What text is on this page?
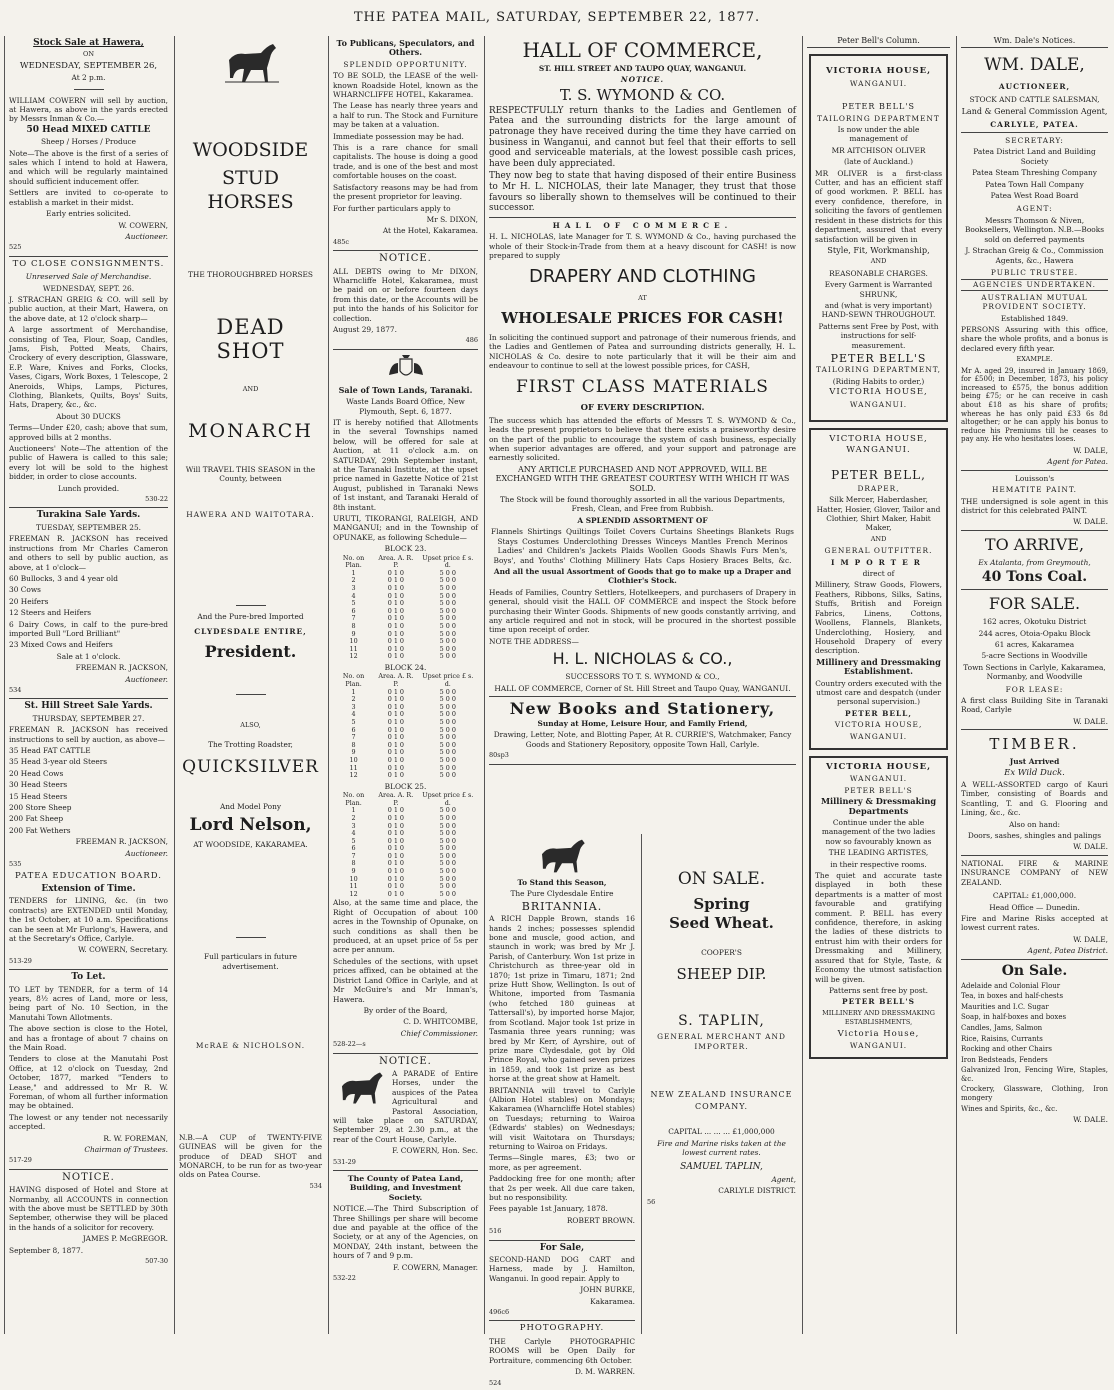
THE PATEA MAIL, SATURDAY, SEPTEMBER 22, 1877.
Stock Sale at Hawera,

ON

WEDNESDAY, SEPTEMBER 26,

At 2 p.m.

WILLIAM COWERN will sell by auction, at Hawera, as above in the yards erected by Messrs Inman & Co.—

50 Head MIXED CATTLE

Sheep / Horses / Produce

Note—The above is the first of a series of sales which I intend to hold at Hawera, and which will be regularly maintained should sufficient inducement offer.

Settlers are invited to co-operate to establish a market in their midst.

Early entries solicited.

W. COWERN,

Auctioneer.

525

TO CLOSE CONSIGNMENTS.

Unreserved Sale of Merchandise.

WEDNESDAY, SEPT. 26.

J. STRACHAN GREIG & CO. will sell by public auction, at their Mart, Hawera, on the above date, at 12 o'clock sharp—

A large assortment of Merchandise, consisting of Tea, Flour, Soap, Candles, Jams, Fish, Potted Meats, Chairs, Crockery of every description, Glassware, E.P. Ware, Knives and Forks, Clocks, Vases, Cigars, Work Boxes, 1 Telescope, 2 Aneroids, Whips, Lamps, Pictures, Clothing, Blankets, Quilts, Boys' Suits, Hats, Drapery, &c., &c.

About 30 DUCKS

Terms—Under £20, cash; above that sum, approved bills at 2 months.

Auctioneers' Note—The attention of the public of Hawera is called to this sale; every lot will be sold to the highest bidder, in order to close accounts.

Lunch provided.

530-22

Turakina Sale Yards.

TUESDAY, SEPTEMBER 25.

FREEMAN R. JACKSON has received instructions from Mr Charles Cameron and others to sell by public auction, as above, at 1 o'clock—

60 Bullocks, 3 and 4 year old

30 Cows

20 Heifers

12 Steers and Heifers

6 Dairy Cows, in calf to the pure-bred imported Bull "Lord Brilliant"

23 Mixed Cows and Heifers

Sale at 1 o'clock.

FREEMAN R. JACKSON,

Auctioneer.

534

St. Hill Street Sale Yards.

THURSDAY, SEPTEMBER 27.

FREEMAN R. JACKSON has received instructions to sell by auction, as above—

35 Head FAT CATTLE

35 Head 3-year old Steers

20 Head Cows

30 Head Steers

15 Head Steers

200 Store Sheep

200 Fat Sheep

200 Fat Wethers

FREEMAN R. JACKSON,

Auctioneer.

535

PATEA EDUCATION BOARD.
Extension of Time.

TENDERS for LINING, &c. (in two contracts) are EXTENDED until Monday, the 1st October, at 10 a.m. Specifications can be seen at Mr Furlong's, Hawera, and at the Secretary's Office, Carlyle.

W. COWERN, Secretary.

513-29

To Let.

TO LET by TENDER, for a term of 14 years, 8½ acres of Land, more or less, being part of No. 10 Section, in the Manutahi Town Allotments.

The above section is close to the Hotel, and has a frontage of about 7 chains on the Main Road.

Tenders to close at the Manutahi Post Office, at 12 o'clock on Tuesday, 2nd October, 1877, marked "Tenders to Lease," and addressed to Mr R. W. Foreman, of whom all further information may be obtained.

The lowest or any tender not necessarily accepted.

R. W. FOREMAN,

Chairman of Trustees.

517-29

NOTICE.

HAVING disposed of Hotel and Store at Normanby, all ACCOUNTS in connection with the above must be SETTLED by 30th September, otherwise they will be placed in the hands of a solicitor for recovery.

JAMES P. McGREGOR.

September 8, 1877.

507-30

WOODSIDE
STUD HORSES

THE THOROUGHBRED HORSES

DEAD SHOT

AND

MONARCH

Will TRAVEL THIS SEASON in the County, between

HAWERA AND WAITOTARA.

And the Pure-bred Imported

CLYDESDALE ENTIRE,

President.

ALSO,

The Trotting Roadster,

QUICKSILVER

And Model Pony

Lord Nelson,

AT WOODSIDE, KAKARAMEA.

Full particulars in future advertisement.

McRAE & NICHOLSON.

N.B.—A CUP of TWENTY-FIVE GUINEAS will be given for the produce of DEAD SHOT and MONARCH, to be run for as two-year olds on Patea Course.

534

To Publicans, Speculators, and Others.

SPLENDID OPPORTUNITY.

TO BE SOLD, the LEASE of the well-known Roadside Hotel, known as the WHARNCLIFFE HOTEL, Kakaramea.

The Lease has nearly three years and a half to run. The Stock and Furniture may be taken at a valuation.

Immediate possession may be had.

This is a rare chance for small capitalists. The house is doing a good trade, and is one of the best and most comfortable houses on the coast.

Satisfactory reasons may be had from the present proprietor for leaving.

For further particulars apply to

Mr S. DIXON,

At the Hotel, Kakaramea.

485c

NOTICE.

ALL DEBTS owing to Mr DIXON, Wharncliffe Hotel, Kakaramea, must be paid on or before fourteen days from this date, or the Accounts will be put into the hands of his Solicitor for collection.

August 29, 1877.

486

Sale of Town Lands, Taranaki.

Waste Lands Board Office, New Plymouth, Sept. 6, 1877.

IT is hereby notified that Allotments in the several Townships named below, will be offered for sale at Auction, at 11 o'clock a.m. on SATURDAY, 29th September instant, at the Taranaki Institute, at the upset price named in Gazette Notice of 21st August, published in Taranaki News of 1st instant, and Taranaki Herald of 8th instant.

URUTI, TIKORANGI, RALEIGH, AND MANGANUI; and in the Township of OPUNAKE, as following Schedule—

BLOCK 23.

No. on Plan.	Area. A. R. P.	Upset price £ s. d.
1	0 1 0	5 0 0
2	0 1 0	5 0 0
3	0 1 0	5 0 0
4	0 1 0	5 0 0
5	0 1 0	5 0 0
6	0 1 0	5 0 0
7	0 1 0	5 0 0
8	0 1 0	5 0 0
9	0 1 0	5 0 0
10	0 1 0	5 0 0
11	0 1 0	5 0 0
12	0 1 0	5 0 0

BLOCK 24.

No. on Plan.	Area. A. R. P.	Upset price £ s. d.
1	0 1 0	5 0 0
2	0 1 0	5 0 0
3	0 1 0	5 0 0
4	0 1 0	5 0 0
5	0 1 0	5 0 0
6	0 1 0	5 0 0
7	0 1 0	5 0 0
8	0 1 0	5 0 0
9	0 1 0	5 0 0
10	0 1 0	5 0 0
11	0 1 0	5 0 0
12	0 1 0	5 0 0

BLOCK 25.

No. on Plan.	Area. A. R. P.	Upset price £ s. d.
1	0 1 0	5 0 0
2	0 1 0	5 0 0
3	0 1 0	5 0 0
4	0 1 0	5 0 0
5	0 1 0	5 0 0
6	0 1 0	5 0 0
7	0 1 0	5 0 0
8	0 1 0	5 0 0
9	0 1 0	5 0 0
10	0 1 0	5 0 0
11	0 1 0	5 0 0
12	0 1 0	5 0 0

Also, at the same time and place, the Right of Occupation of about 100 acres in the Township of Opunake, on such conditions as shall then be produced, at an upset price of 5s per acre per annum.

Schedules of the sections, with upset prices affixed, can be obtained at the District Land Office in Carlyle, and at Mr McGuire's and Mr Inman's, Hawera.

By order of the Board,

C. D. WHITCOMBE,

Chief Commissioner.

528-22—s

NOTICE.

A PARADE of Entire Horses, under the auspices of the Patea Agricultural and Pastoral Association, will take place on SATURDAY, September 29, at 2.30 p.m., at the rear of the Court House, Carlyle.

F. COWERN, Hon. Sec.

531-29

The County of Patea Land, Building, and Investment Society.

NOTICE.—The Third Subscription of Three Shillings per share will become due and payable at the office of the Society, or at any of the Agencies, on MONDAY, 24th instant, between the hours of 7 and 9 p.m.

F. COWERN, Manager.

532-22

HALL OF COMMERCE,

ST. HILL STREET AND TAUPO QUAY, WANGANUI.

NOTICE.

T. S. WYMOND & CO.

RESPECTFULLY return thanks to the Ladies and Gentlemen of Patea and the surrounding districts for the large amount of patronage they have received during the time they have carried on business in Wanganui, and cannot but feel that their efforts to sell good and serviceable materials, at the lowest possible cash prices, have been duly appreciated.

They now beg to state that having disposed of their entire Business to Mr H. L. NICHOLAS, their late Manager, they trust that those favours so liberally shown to themselves will be continued to their successor.

HALL OF COMMERCE.

H. L. NICHOLAS, late Manager for T. S. WYMOND & Co., having purchased the whole of their Stock-in-Trade from them at a heavy discount for CASH! is now prepared to supply

DRAPERY AND CLOTHING

AT

WHOLESALE PRICES FOR CASH!

In soliciting the continued support and patronage of their numerous friends, and the Ladies and Gentlemen of Patea and surrounding districts generally, H. L. NICHOLAS & Co. desire to note particularly that it will be their aim and endeavour to continue to sell at the lowest possible prices, for CASH,

FIRST CLASS MATERIALS

OF EVERY DESCRIPTION.

The success which has attended the efforts of Messrs T. S. WYMOND & Co., leads the present proprietors to believe that there exists a praiseworthy desire on the part of the public to encourage the system of cash business, especially when superior advantages are offered, and your support and patronage are earnestly solicited.

ANY ARTICLE PURCHASED AND NOT APPROVED, WILL BE EXCHANGED WITH THE GREATEST COURTESY WITH WHICH IT WAS SOLD.

The Stock will be found thoroughly assorted in all the various Departments, Fresh, Clean, and Free from Rubbish.

A SPLENDID ASSORTMENT OF

Flannels Shirtings Quiltings Toilet Covers Curtains Sheetings Blankets Rugs Stays Costumes Underclothing Dresses Winceys Mantles French Merinos Ladies' and Children's Jackets Plaids Woollen Goods Shawls Furs Men's, Boys', and Youths' Clothing Millinery Hats Caps Hosiery Braces Belts, &c.

And all the usual Assortment of Goods that go to make up a Draper and Clothier's Stock.

Heads of Families, Country Settlers, Hotelkeepers, and purchasers of Drapery in general, should visit the HALL OF COMMERCE and inspect the Stock before purchasing their Winter Goods. Shipments of new goods constantly arriving, and any article required and not in stock, will be procured in the shortest possible time upon receipt of order.

NOTE THE ADDRESS—

H. L. NICHOLAS & CO.,

SUCCESSORS TO T. S. WYMOND & CO.,

HALL OF COMMERCE, Corner of St. Hill Street and Taupo Quay, WANGANUI.

New Books and Stationery,

Sunday at Home, Leisure Hour, and Family Friend,

Drawing, Letter, Note, and Blotting Paper, At R. CURRIE'S, Watchmaker, Fancy Goods and Stationery Repository, opposite Town Hall, Carlyle.

80sp3

To Stand this Season,

The Pure Clydesdale Entire

BRITANNIA.

A RICH Dapple Brown, stands 16 hands 2 inches; possesses splendid bone and muscle, good action, and staunch in work; was bred by Mr J. Parish, of Canterbury. Won 1st prize in Christchurch as three-year old in 1870; 1st prize in Timaru, 1871; 2nd prize Hutt Show, Wellington. Is out of Whitone, imported from Tasmania (who fetched 180 guineas at Tattersall's), by imported horse Major, from Scotland. Major took 1st prize in Tasmania three years running; was bred by Mr Kerr, of Ayrshire, out of prize mare Clydesdale, got by Old Prince Royal, who gained seven prizes in 1859, and took 1st prize as best horse at the great show at Hamelt.

BRITANNIA will travel to Carlyle (Albion Hotel stables) on Mondays; Kakaramea (Wharncliffe Hotel stables) on Tuesdays; returning to Wairoa (Edwards' stables) on Wednesdays; will visit Waitotara on Thursdays; returning to Wairoa on Fridays.

Terms—Single mares, £3; two or more, as per agreement.

Paddocking free for one month; after that 2s per week. All due care taken, but no responsibility.

Fees payable 1st January, 1878.

ROBERT BROWN.

516

For Sale,

SECOND-HAND DOG CART and Harness, made by J. Hamilton, Wanganui. In good repair. Apply to

JOHN BURKE,

Kakaramea.

496c6

PHOTOGRAPHY.

THE Carlyle PHOTOGRAPHIC ROOMS will be Open Daily for Portraiture, commencing 6th October.

D. M. WARREN.

524

ON SALE.
Spring
Seed Wheat.

COOPER'S

SHEEP DIP.
S. TAPLIN,

GENERAL MERCHANT AND IMPORTER.

NEW ZEALAND INSURANCE COMPANY.

CAPITAL ... ... ... £1,000,000

Fire and Marine risks taken at the lowest current rates.

SAMUEL TAPLIN,

Agent,

CARLYLE DISTRICT.

56

Peter Bell's Column.

VICTORIA HOUSE,

WANGANUI.

PETER BELL'S

TAILORING DEPARTMENT

Is now under the able management of

MR AITCHISON OLIVER

(late of Auckland.)

MR OLIVER is a first-class Cutter, and has an efficient staff of good workmen. P. BELL has every confidence, therefore, in soliciting the favors of gentlemen resident in these districts for this department, assured that every satisfaction will be given in

Style, Fit, Workmanship,

AND

REASONABLE CHARGES.

Every Garment is Warranted SHRUNK,

and (what is very important) HAND-SEWN THROUGHOUT.

Patterns sent Free by Post, with instructions for self-measurement.

PETER BELL'S

TAILORING DEPARTMENT,

(Riding Habits to order,)

VICTORIA HOUSE,

WANGANUI.

VICTORIA HOUSE,

WANGANUI.

PETER BELL,

DRAPER,

Silk Mercer, Haberdasher, Hatter, Hosier, Glover, Tailor and Clothier, Shirt Maker, Habit Maker,

AND

GENERAL OUTFITTER.

IMPORTER

direct of

Millinery, Straw Goods, Flowers, Feathers, Ribbons, Silks, Satins, Stuffs, British and Foreign Fabrics, Linens, Cottons, Woollens, Flannels, Blankets, Underclothing, Hosiery, and Household Drapery of every description.

Millinery and Dressmaking Establishment.

Country orders executed with the utmost care and despatch (under personal supervision.)

PETER BELL,

VICTORIA HOUSE,

WANGANUI.

VICTORIA HOUSE,

WANGANUI.

PETER BELL'S

Millinery & Dressmaking Departments

Continue under the able management of the two ladies now so favourably known as

THE LEADING ARTISTES,

in their respective rooms.

The quiet and accurate taste displayed in both these departments is a matter of most favourable and gratifying comment. P. BELL has every confidence, therefore, in asking the ladies of these districts to entrust him with their orders for Dressmaking and Millinery, assured that for Style, Taste, & Economy the utmost satisfaction will be given.

Patterns sent free by post.

PETER BELL'S

MILLINERY AND DRESSMAKING ESTABLISHMENTS,

Victoria House,

WANGANUI.

Wm. Dale's Notices.

WM. DALE,

AUCTIONEER,

STOCK AND CATTLE SALESMAN,

Land & General Commission Agent,

CARLYLE, PATEA.

SECRETARY:

Patea District Land and Building Society

Patea Steam Threshing Company

Patea Town Hall Company

Patea West Road Board

AGENT:

Messrs Thomson & Niven, Booksellers, Wellington. N.B.—Books sold on deferred payments

J. Strachan Greig & Co., Commission Agents, &c., Hawera

PUBLIC TRUSTEE.

AGENCIES UNDERTAKEN.

AUSTRALIAN MUTUAL PROVIDENT SOCIETY.

Established 1849.

PERSONS Assuring with this office, share the whole profits, and a bonus is declared every fifth year.

EXAMPLE.

Mr A. aged 29, insured in January 1869, for £500; in December, 1873, his policy increased to £575, the bonus addition being £75; or he can receive in cash about £18 as his share of profits; whereas he has only paid £33 6s 8d altogether; or he can apply his bonus to reduce his Premiums till he ceases to pay any. He who hesitates loses.

W. DALE,

Agent for Patea.

Louisson's

HEMATITE PAINT.

THE undersigned is sole agent in this district for this celebrated PAINT.

W. DALE.

TO ARRIVE,

Ex Atalanta, from Greymouth,

40 Tons Coal.
FOR SALE.

162 acres, Okotuku District

244 acres, Otoia-Opaku Block

61 acres, Kakaramea

5-acre Sections in Woodville

Town Sections in Carlyle, Kakaramea, Normanby, and Woodville

FOR LEASE:

A first class Building Site in Taranaki Road, Carlyle

W. DALE.

TIMBER.

Just Arrived

Ex Wild Duck.

A WELL-ASSORTED cargo of Kauri Timber, consisting of Boards and Scantling, T. and G. Flooring and Lining, &c., &c.

Also on hand:

Doors, sashes, shingles and palings

W. DALE.

NATIONAL FIRE & MARINE INSURANCE COMPANY of NEW ZEALAND.

CAPITAL: £1,000,000.

Head Office — Dunedin.

Fire and Marine Risks accepted at lowest current rates.

W. DALE,

Agent, Patea District.

On Sale.

Adelaide and Colonial Flour

Tea, in boxes and half-chests

Maurities and I.C. Sugar

Soap, in half-boxes and boxes

Candles, Jams, Salmon

Rice, Raisins, Currants

Rocking and other Chairs

Iron Bedsteads, Fenders

Galvanized Iron, Fencing Wire, Staples, &c.

Crockery, Glassware, Clothing, Iron mongery

Wines and Spirits, &c., &c.

W. DALE.
